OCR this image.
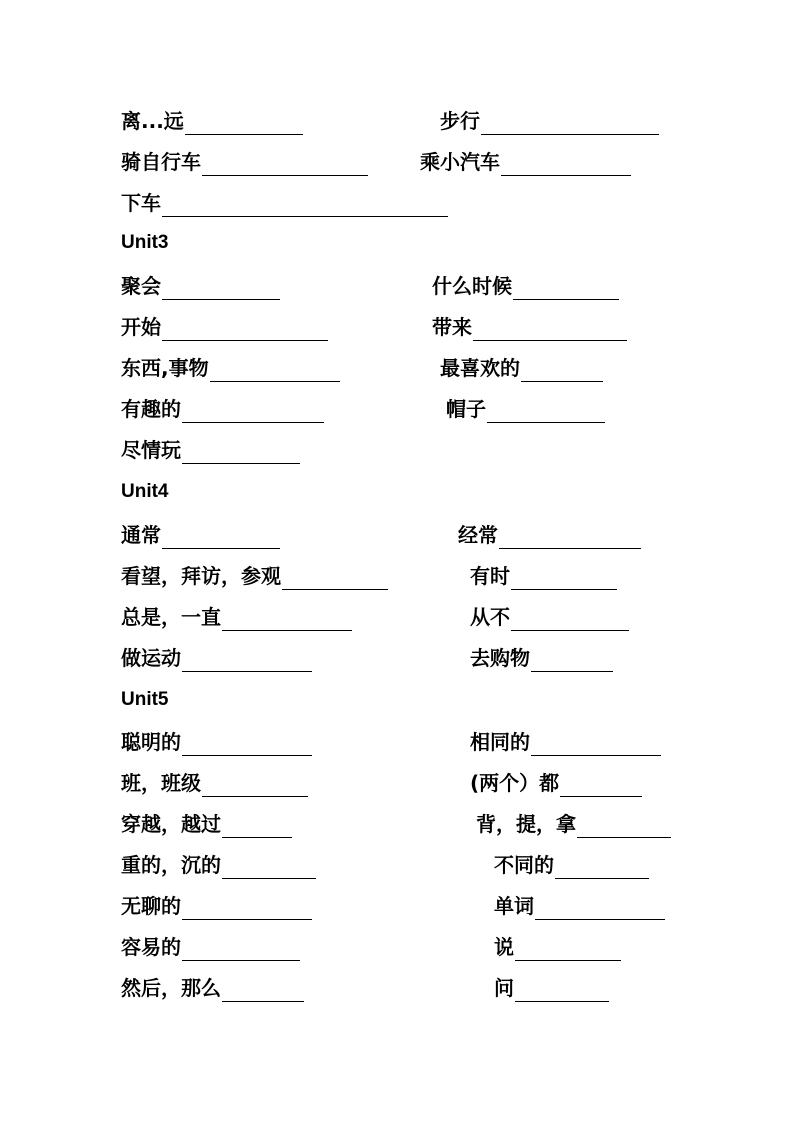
离...远	步行
骑自行车	乘小汽车
下车
Unit3
聚会	什么时候
开始	带来
东西,事物	最喜欢的
有趣的	帽子
尽情玩
Unit4
通常	经常
看望，拜访，参观	有时
总是，一直	从不
做运动	去购物
Unit5
聪明的	相同的
班，班级	(两个）都
穿越，越过	背，提，拿
重的，沉的	不同的
无聊的	单词
容易的	说
然后，那么	问
